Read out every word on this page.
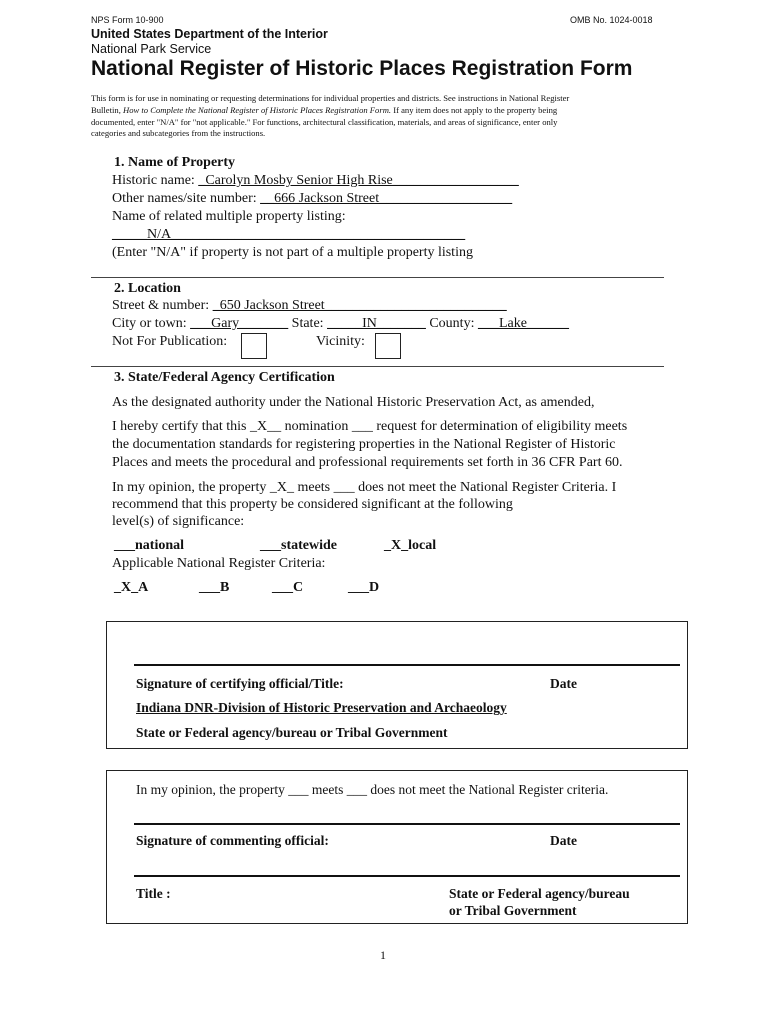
NPS Form 10-900	OMB No. 1024-0018
United States Department of the Interior
National Park Service
National Register of Historic Places Registration Form
This form is for use in nominating or requesting determinations for individual properties and districts. See instructions in National Register
Bulletin, How to Complete the National Register of Historic Places Registration Form. If any item does not apply to the property being
documented, enter "N/A" for "not applicable." For functions, architectural classification, materials, and areas of significance, enter only
categories and subcategories from the instructions.
1. Name of Property
Historic name: _Carolyn Mosby Senior High Rise__________________
Other names/site number: __666 Jackson Street___________________
Name of related multiple property listing:
_____N/A__________________________________________
(Enter "N/A" if property is not part of a multiple property listing
2. Location
Street & number: _650 Jackson Street__________________________
City or town: ___Gary_______ State: _____IN_______ County: ___Lake______
Not For Publication:	Vicinity:
3. State/Federal Agency Certification
As the designated authority under the National Historic Preservation Act, as amended,
I hereby certify that this _X__ nomination ___ request for determination of eligibility meets
the documentation standards for registering properties in the National Register of Historic
Places and meets the procedural and professional requirements set forth in 36 CFR Part 60.
In my opinion, the property _X_ meets ___ does not meet the National Register Criteria. I
recommend that this property be considered significant at the following
level(s) of significance:
___national	___statewide	_X_local
Applicable National Register Criteria:
_X_A	___B	___C	___D
Signature of certifying official/Title:	Date
Indiana DNR-Division of Historic Preservation and Archaeology
State or Federal agency/bureau or Tribal Government
In my opinion, the property ___ meets ___ does not meet the National Register criteria.
Signature of commenting official:	Date
Title :	State or Federal agency/bureau
or Tribal Government
1
